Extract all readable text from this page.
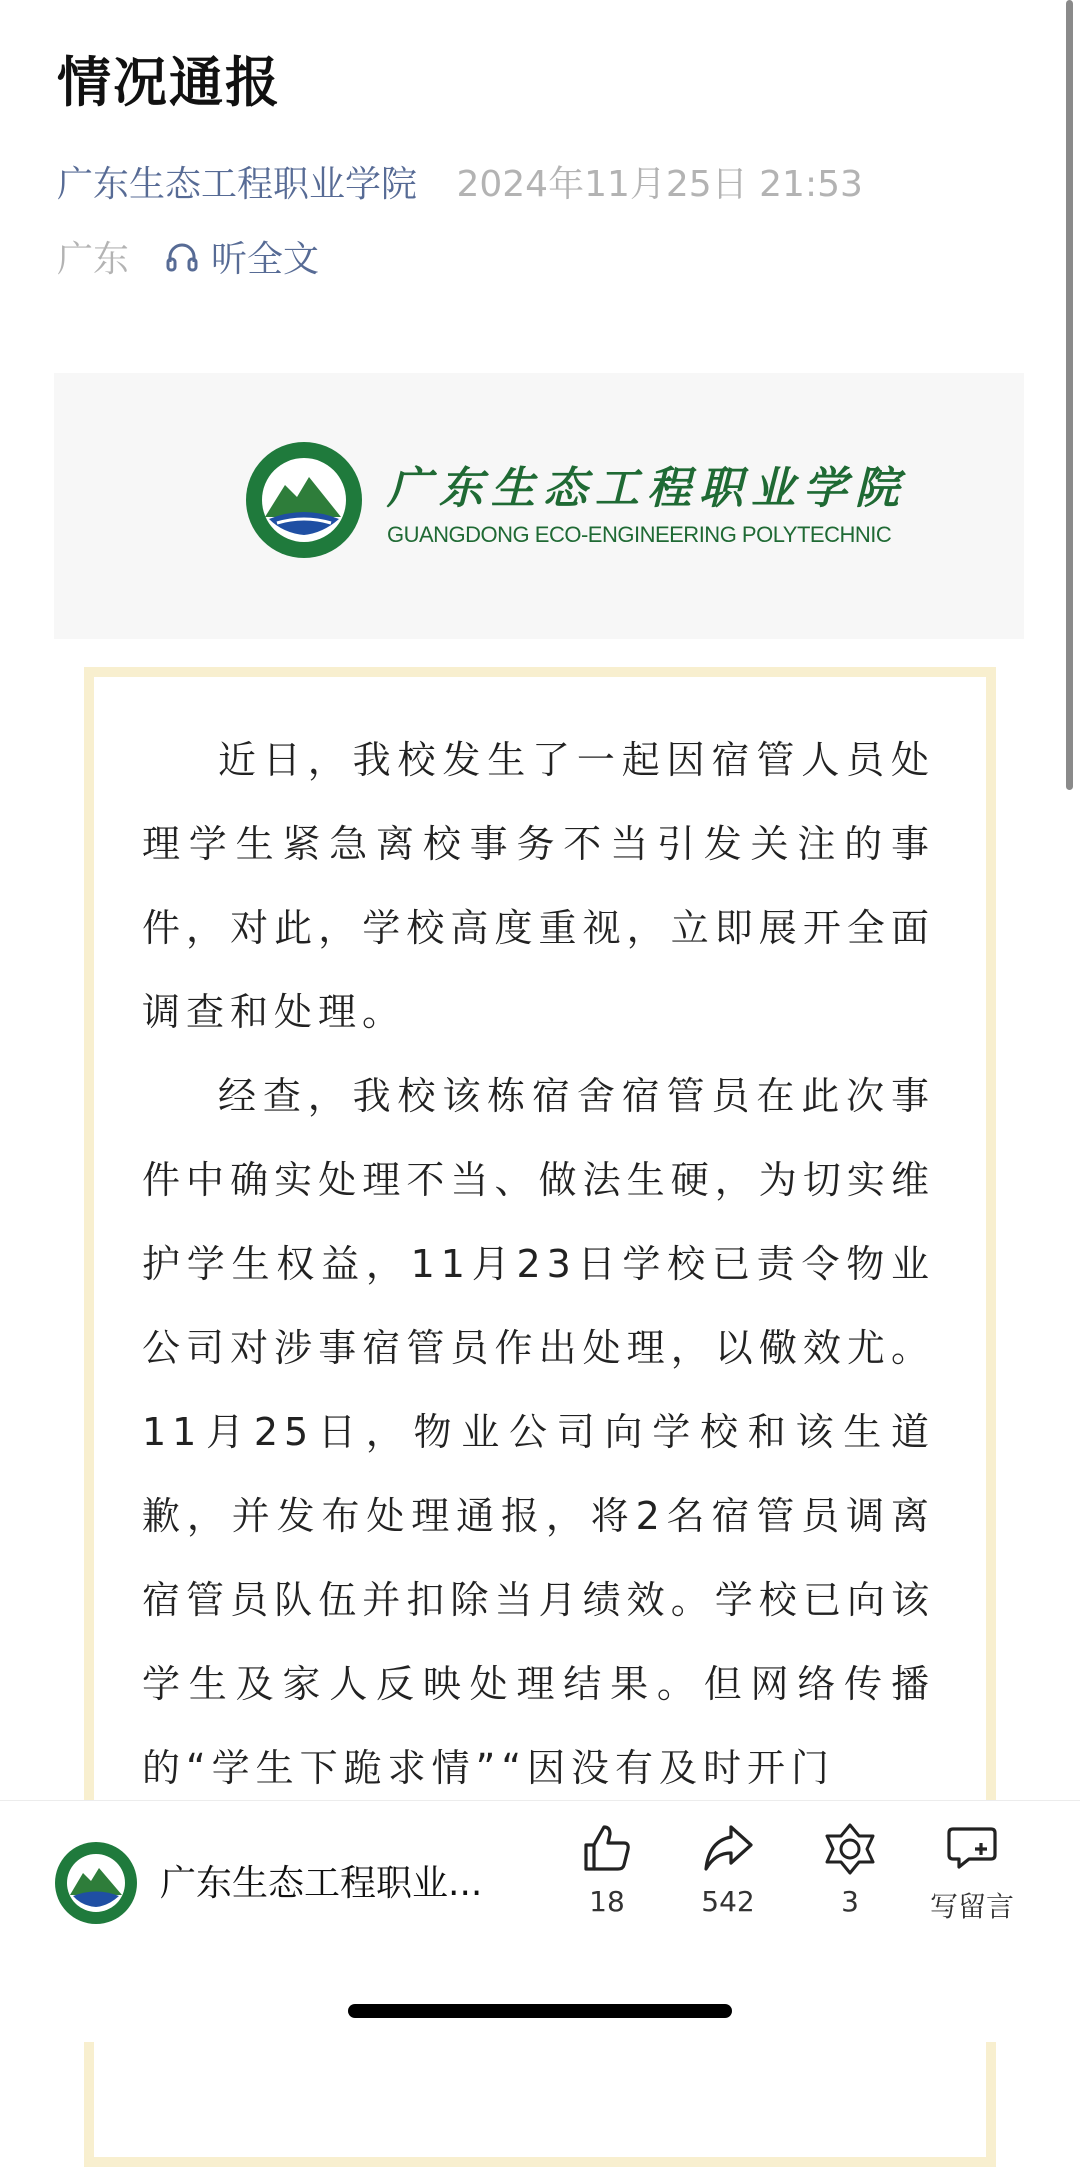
情况通报
广东生态工程职业学院 2024年11月25日 21:53
广东 听全文
广东生态工程职业学院
GUANGDONG ECO-ENGINEERING POLYTECHNIC

近日，我校发生了一起因宿管人员处理学生紧急离校事务不当引发关注的事件，对此，学校高度重视，立即展开全面调查和处理。

经查，我校该栋宿舍宿管员在此次事件中确实处理不当、做法生硬，为切实维护学生权益，11月23日学校已责令物业公司对涉事宿管员作出处理，以儆效尤。11月25日，物业公司向学校和该生道歉，并发布处理通报，将2名宿管员调离宿管员队伍并扣除当月绩效。学校已向该学生及家人反映处理结果。但网络传播的“学生下跪求情”“因没有及时开门

广东生态工程职业...	18	542	3	写留言
